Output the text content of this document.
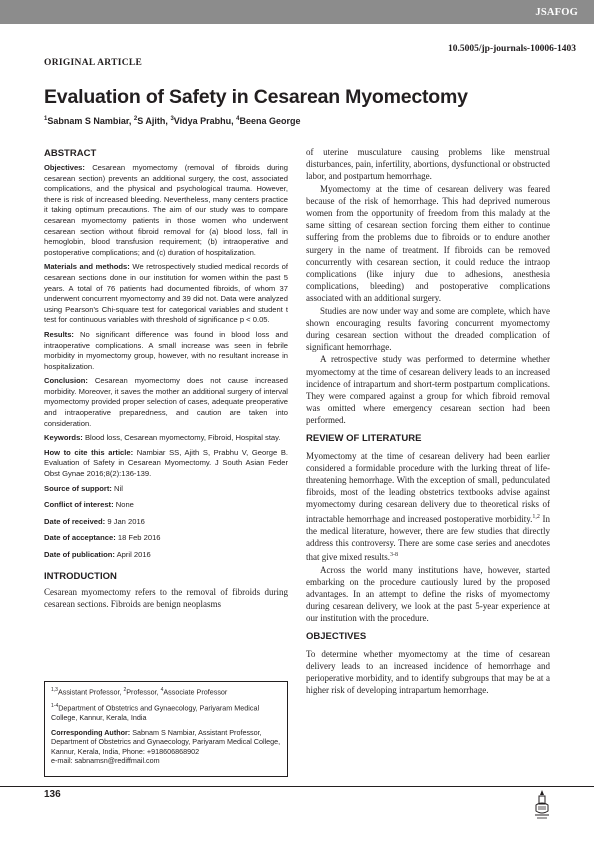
JSAFOG
10.5005/jp-journals-10006-1403
ORIGINAL ARTICLE
Evaluation of Safety in Cesarean Myomectomy
$^1$Sabnam S Nambiar, $^2$S Ajith, $^3$Vidya Prabhu, $^4$Beena George
ABSTRACT

Objectives: Cesarean myomectomy (removal of fibroids during cesarean section) prevents an additional surgery, the cost, associated complications, and the physical and psychological trauma. However, there is risk of increased bleeding. Nevertheless, many centers practice it taking optimum precautions. The aim of our study was to compare cesarean myomectomy patients in those women who underwent cesarean section without fibroid removal for (a) blood loss, fall in hemoglobin, blood transfusion requirement; (b) intraoperative and postoperative complications; and (c) duration of hospitalization.

Materials and methods: We retrospectively studied medical records of cesarean sections done in our institution for women within the past 5 years. A total of 76 patients had documented fibroids, of whom 37 underwent concurrent myomectomy and 39 did not. Data were analyzed using Pearson's Chi-square test for categorical variables and student t test for continuous variables with threshold of significance p < 0.05.

Results: No significant difference was found in blood loss and intraoperative complications. A small increase was seen in febrile morbidity in myomectomy group, however, with no resultant increase in hospitalization.

Conclusion: Cesarean myomectomy does not cause increased morbidity. Moreover, it saves the mother an additional surgery of interval myomectomy provided proper selection of cases, adequate preoperative and intraoperative preparedness, and caution are taken into consideration.

Keywords: Blood loss, Cesarean myomectomy, Fibroid, Hospital stay.

How to cite this article: Nambiar SS, Ajith S, Prabhu V, George B. Evaluation of Safety in Cesarean Myomectomy. J South Asian Feder Obst Gynae 2016;8(2):136-139.

Source of support: Nil
Conflict of interest: None
Date of received: 9 Jan 2016
Date of acceptance: 18 Feb 2016
Date of publication: April 2016
INTRODUCTION

Cesarean myomectomy refers to the removal of fibroids during cesarean sections. Fibroids are benign neoplasms

of uterine musculature causing problems like menstrual disturbances, pain, infertility, abortions, dysfunctional or obstructed labor, and postpartum hemorrhage.

Myomectomy at the time of cesarean delivery was feared because of the risk of hemorrhage. This had deprived numerous women from the opportunity of freedom from this malady at the same sitting of cesarean section forcing them either to continue suffering from the problems due to fibroids or to endure another surgery in the name of treatment. If fibroids can be removed concurrently with cesarean section, it could reduce the intraop complications (like injury due to adhesions, anesthesia complications, bleeding) and postoperative complications associated with an additional surgery.

Studies are now under way and some are complete, which have shown encouraging results favoring concurrent myomectomy during cesarean section without the dreaded complication of significant hemorrhage.

A retrospective study was performed to determine whether myomectomy at the time of cesarean delivery leads to an increased incidence of intrapartum and short-term postpartum complications. They were compared against a group for which fibroid removal was omitted where emergency cesarean section had been performed.

REVIEW OF LITERATURE

Myomectomy at the time of cesarean delivery had been earlier considered a formidable procedure with the lurking threat of life-threatening hemorrhage. With the exception of small, pedunculated fibroids, most of the leading obstetrics textbooks advise against myomectomy during cesarean delivery due to theoretical risks of intractable hemorrhage and increased postoperative morbidity.$^{1,2}$ In the medical literature, however, there are few studies that directly address this controversy. There are some case series and anecdotes that give mixed results.$^{3-8}$

Across the world many institutions have, however, started embarking on the procedure cautiously lured by the proposed advantages. In an attempt to define the risks of myomectomy during cesarean delivery, we look at the past 5-year experience at our institution with the procedure.

OBJECTIVES

To determine whether myomectomy at the time of cesarean delivery leads to an increased incidence of hemorrhage and perioperative morbidity, and to identify subgroups that may be at a higher risk of developing intrapartum hemorrhage.

$^{1,3}$Assistant Professor, $^2$Professor, $^4$Associate Professor

$^{1-4}$Department of Obstetrics and Gynaecology, Pariyaram Medical College, Kannur, Kerala, India

Corresponding Author: Sabnam S Nambiar, Assistant Professor, Department of Obstetrics and Gynaecology, Pariyaram Medical College, Kannur, Kerala, India, Phone: +918606868902
e-mail: sabnamsn@rediffmail.com

136
